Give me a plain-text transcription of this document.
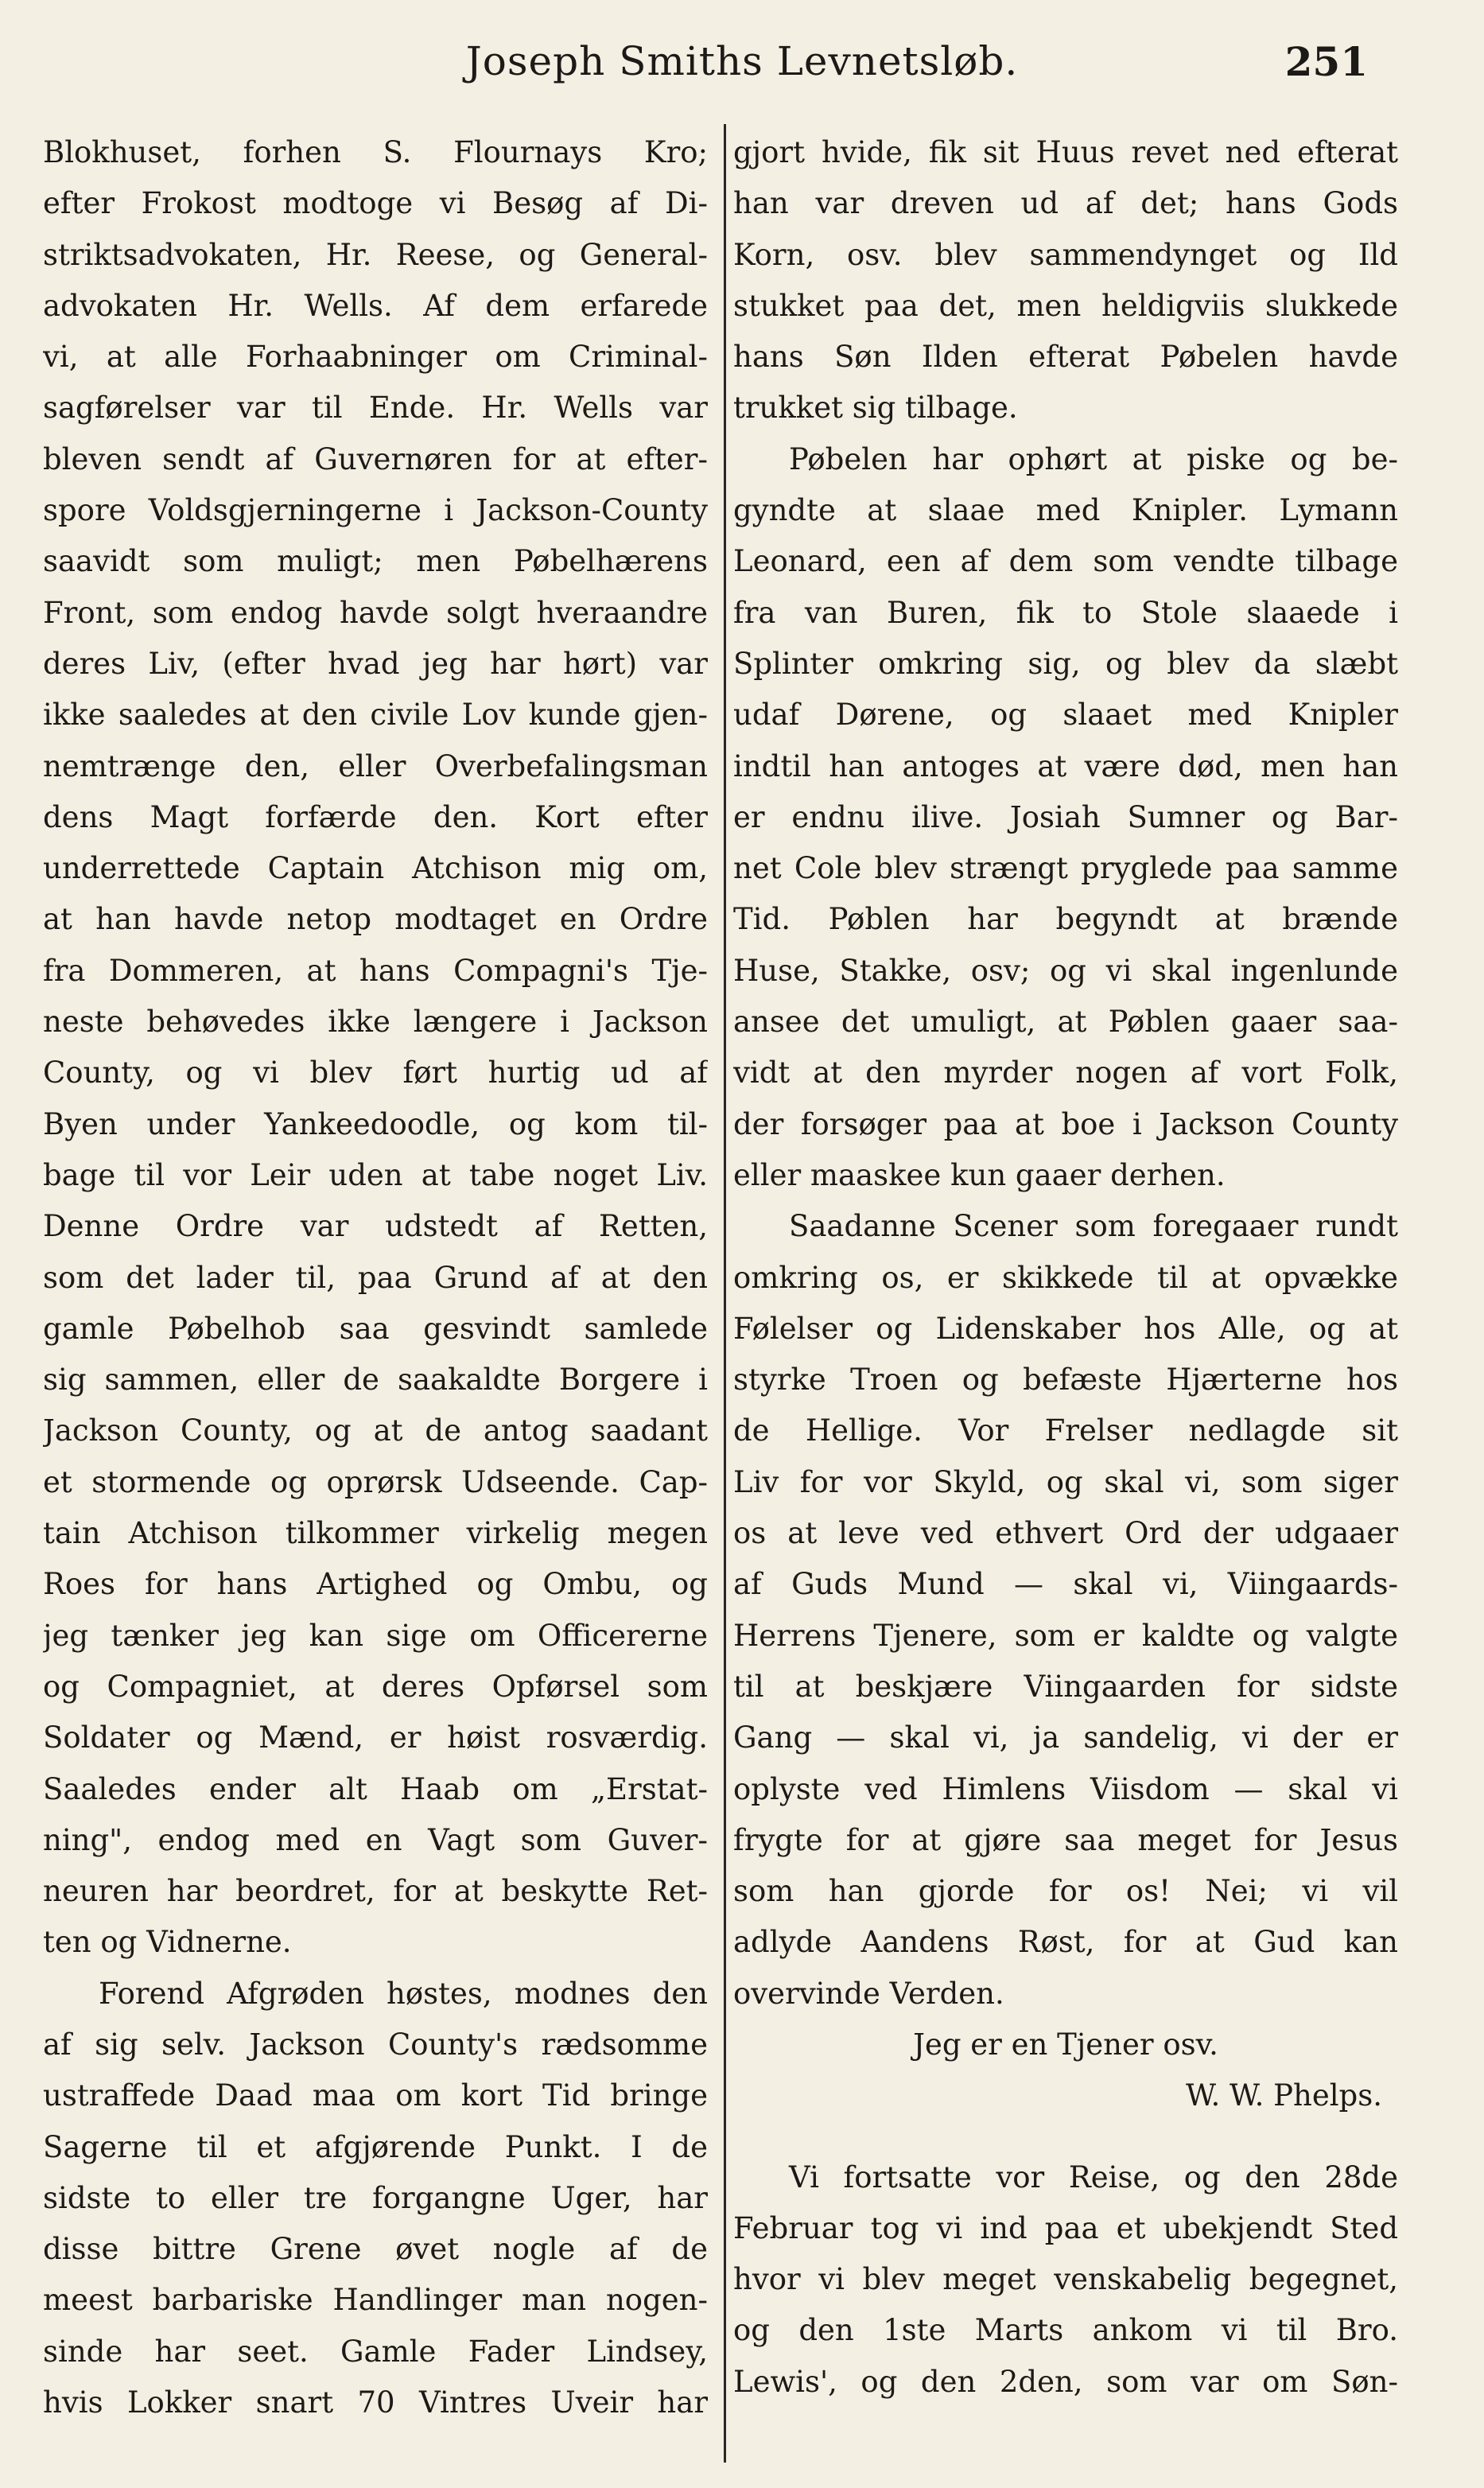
Joseph Smiths Levnetsløb.	251
Blokhuset, forhen S. Flournays Kro;
efter Frokost modtoge vi Besøg af Di-
striktsadvokaten, Hr. Reese, og General-
advokaten Hr. Wells. Af dem erfarede
vi, at alle Forhaabninger om Criminal-
sagførelser var til Ende. Hr. Wells var
bleven sendt af Guvernøren for at efter-
spore Voldsgjerningerne i Jackson-County
saavidt som muligt; men Pøbelhærens
Front, som endog havde solgt hveraandre
deres Liv, (efter hvad jeg har hørt) var
ikke saaledes at den civile Lov kunde gjen-
nemtrænge den, eller Overbefalingsman
dens Magt forfærde den. Kort efter
underrettede Captain Atchison mig om,
at han havde netop modtaget en Ordre
fra Dommeren, at hans Compagni's Tje-
neste behøvedes ikke længere i Jackson
County, og vi blev ført hurtig ud af
Byen under Yankeedoodle, og kom til-
bage til vor Leir uden at tabe noget Liv.
Denne Ordre var udstedt af Retten,
som det lader til, paa Grund af at den
gamle Pøbelhob saa gesvindt samlede
sig sammen, eller de saakaldte Borgere i
Jackson County, og at de antog saadant
et stormende og oprørsk Udseende. Cap-
tain Atchison tilkommer virkelig megen
Roes for hans Artighed og Ombu, og
jeg tænker jeg kan sige om Officererne
og Compagniet, at deres Opførsel som
Soldater og Mænd, er høist rosværdig.
Saaledes ender alt Haab om „Erstat-
ning", endog med en Vagt som Guver-
neuren har beordret, for at beskytte Ret-
ten og Vidnerne.
Forend Afgrøden høstes, modnes den
af sig selv. Jackson County's rædsomme
ustraffede Daad maa om kort Tid bringe
Sagerne til et afgjørende Punkt. I de
sidste to eller tre forgangne Uger, har
disse bittre Grene øvet nogle af de
meest barbariske Handlinger man nogen-
sinde har seet. Gamle Fader Lindsey,
hvis Lokker snart 70 Vintres Uveir har
gjort hvide, fik sit Huus revet ned efterat
han var dreven ud af det; hans Gods
Korn, osv. blev sammendynget og Ild
stukket paa det, men heldigviis slukkede
hans Søn Ilden efterat Pøbelen havde
trukket sig tilbage.
Pøbelen har ophørt at piske og be-
gyndte at slaae med Knipler. Lymann
Leonard, een af dem som vendte tilbage
fra van Buren, fik to Stole slaaede i
Splinter omkring sig, og blev da slæbt
udaf Dørene, og slaaet med Knipler
indtil han antoges at være død, men han
er endnu ilive. Josiah Sumner og Bar-
net Cole blev strængt prygledе paa samme
Tid. Pøblen har begyndt at brænde
Huse, Stakke, osv; og vi skal ingenlunde
ansee det umuligt, at Pøblen gaaer saa-
vidt at den myrder nogen af vort Folk,
der forsøger paa at boe i Jackson County
eller maaskee kun gaaer derhen.
Saadanne Scener som foregaaer rundt
omkring os, er skikkede til at opvække
Følelser og Lidenskaber hos Alle, og at
styrke Troen og befæste Hjærterne hos
de Hellige. Vor Frelser nedlagde sit
Liv for vor Skyld, og skal vi, som siger
os at leve ved ethvert Ord der udgaaer
af Guds Mund — skal vi, Viingaards-
Herrens Tjenere, som er kaldte og valgte
til at beskjære Viingaarden for sidste
Gang — skal vi, ja sandelig, vi der er
oplyste ved Himlens Viisdom — skal vi
frygte for at gjøre saa meget for Jesus
som han gjorde for os! Nei; vi vil
adlyde Aandens Røst, for at Gud kan
overvinde Verden.
Jeg er en Tjener osv.
W. W. Phelps.
Vi fortsatte vor Reise, og den 28de
Februar tog vi ind paa et ubekjendt Sted
hvor vi blev meget venskabelig begegnet,
og den 1ste Marts ankom vi til Bro.
Lewis', og den 2den, som var om Søn-
